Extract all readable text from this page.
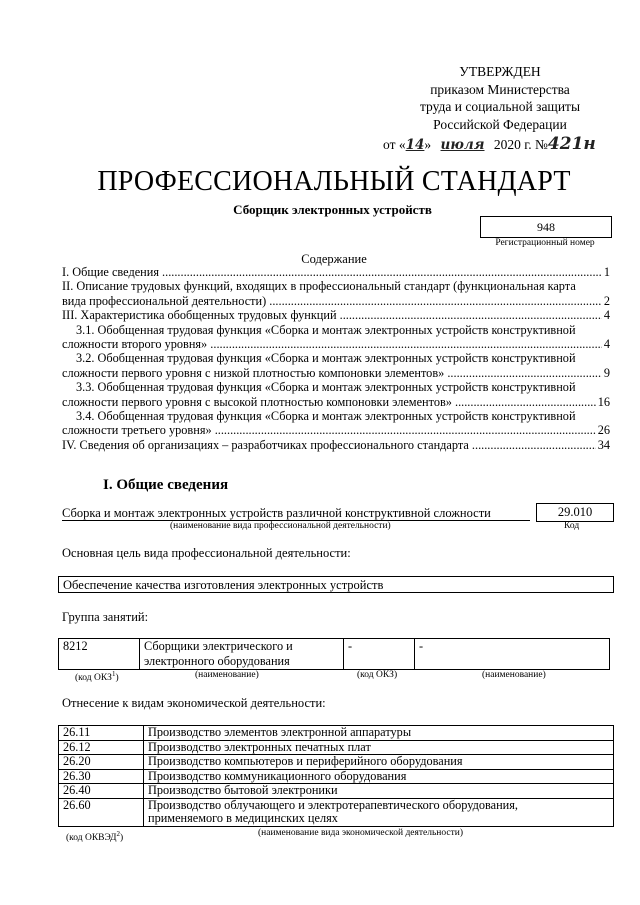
УТВЕРЖДЕН
приказом Министерства
труда и социальной защиты
Российской Федерации
от «14» июля 2020 г. №421н
ПРОФЕССИОНАЛЬНЫЙ СТАНДАРТ
Сборщик электронных устройств
948
Регистрационный номер
Содержание
I. Общие сведения .....	1
II. Описание трудовых функций, входящих в профессиональный стандарт (функциональная карта
вида профессиональной деятельности) .....	2
III. Характеристика обобщенных трудовых функций .....	4
3.1. Обобщенная трудовая функция «Сборка и монтаж электронных устройств конструктивной
сложности второго уровня» .....	4
3.2. Обобщенная трудовая функция «Сборка и монтаж электронных устройств конструктивной
сложности первого уровня с низкой плотностью компоновки элементов» .....	9
3.3. Обобщенная трудовая функция «Сборка и монтаж электронных устройств конструктивной
сложности первого уровня с высокой плотностью компоновки элементов» .....	16
3.4. Обобщенная трудовая функция «Сборка и монтаж электронных устройств конструктивной
сложности третьего уровня» .....	26
IV. Сведения об организациях – разработчиках профессионального стандарта .....	34
I. Общие сведения
Сборка и монтаж электронных устройств различной конструктивной сложности
(наименование вида профессиональной деятельности)
29.010
Код
Основная цель вида профессиональной деятельности:
Обеспечение качества изготовления электронных устройств
Группа занятий:
8212	Сборщики электрического и
электронного оборудования
	-	-
(код ОКЗ$^1$)	(наименование)	(код ОКЗ)	(наименование)
Отнесение к видам экономической деятельности:
26.11	Производство элементов электронной аппаратуры
26.12	Производство электронных печатных плат
26.20	Производство компьютеров и периферийного оборудования
26.30	Производство коммуникационного оборудования
26.40	Производство бытовой электроники
26.60	Производство облучающего и электротерапевтического оборудования,
применяемого в медицинских целях
(код ОКВЭД$^2$)
(наименование вида экономической деятельности)
